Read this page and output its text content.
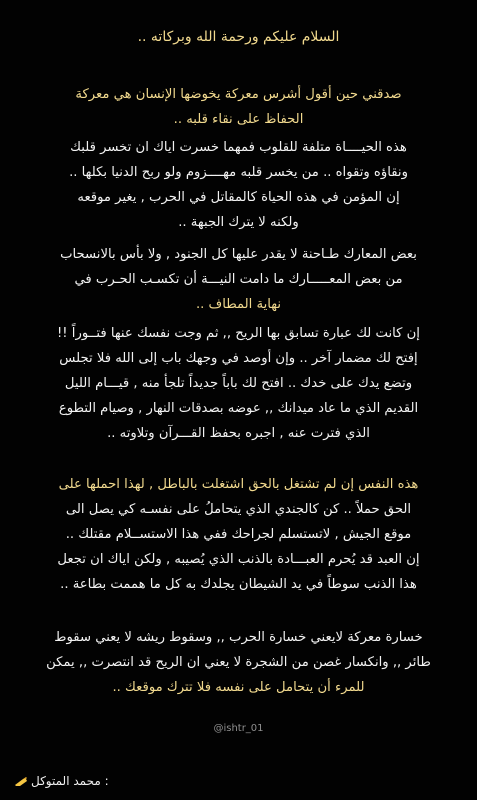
السلام عليكم ورحمة الله وبركاته ..
صدقني حين أقول أشرس معركة يخوضها الإنسان هي معركة
الحفاظ على نقاء قلبه ..
هذه الحيــــاة متلفة للقلوب فمهما خسرت اياك ان تخسر قلبك
ونقاؤه وتقواه .. من يخسر قلبه مهــــزوم ولو ربح الدنيا بكلها ..
إن المؤمن في هذه الحياة كالمقاتل في الحرب , يغير موقعه
ولكنه لا يترك الجبهة ..
بعض المعارك طـاحنة لا يقدر عليها كل الجنود , ولا بأس بالانسحاب
من بعض المعـــــارك ما دامت النيـــة أن تكسـب الحـرب في
نهاية المطاف ..
إن كانت لك عبارة تسابق بها الريح ,, ثم وجت نفسك عنها فتــوراً !!
إفتح لك مضمار آخر .. وإن أوصد في وجهك باب إلى الله فلا تجلس
وتضع يدك على خدك .. افتح لك باباً جديداً تلجأ منه , قيـــام الليل
القديم الذي ما عاد ميدانك ,, عوضه بصدقات النهار , وصيام التطوع
الذي فترت عنه , اجبره بحفظ القـــرآن وتلاوته ..
هذه النفس إن لم تشتغل بالحق اشتغلت بالباطل , لهذا احملها على
الحق حملاً .. كن كالجندي الذي يتحاملُ على نفسـه كي يصل الى
موقع الجيش , لاتستسلم لجراحك ففي هذا الاستســلام مقتلك ..
إن العبد قد يُحرم العبـــادة بالذنب الذي يُصيبه , ولكن اياك ان تجعل
هذا الذنب سوطاً في يد الشيطان يجلدك به كل ما هممت بطاعة ..
خسارة معركة لايعني خسارة الحرب ,, وسقوط ريشه لا يعني سقوط
طائر ,, وانكسار غصن من الشجرة لا يعني ان الريح قد انتصرت ,, يمكن
للمرء أن يتحامل على نفسه فلا تترك موقعك ..
@ishtr_01
: محمد المتوكل
